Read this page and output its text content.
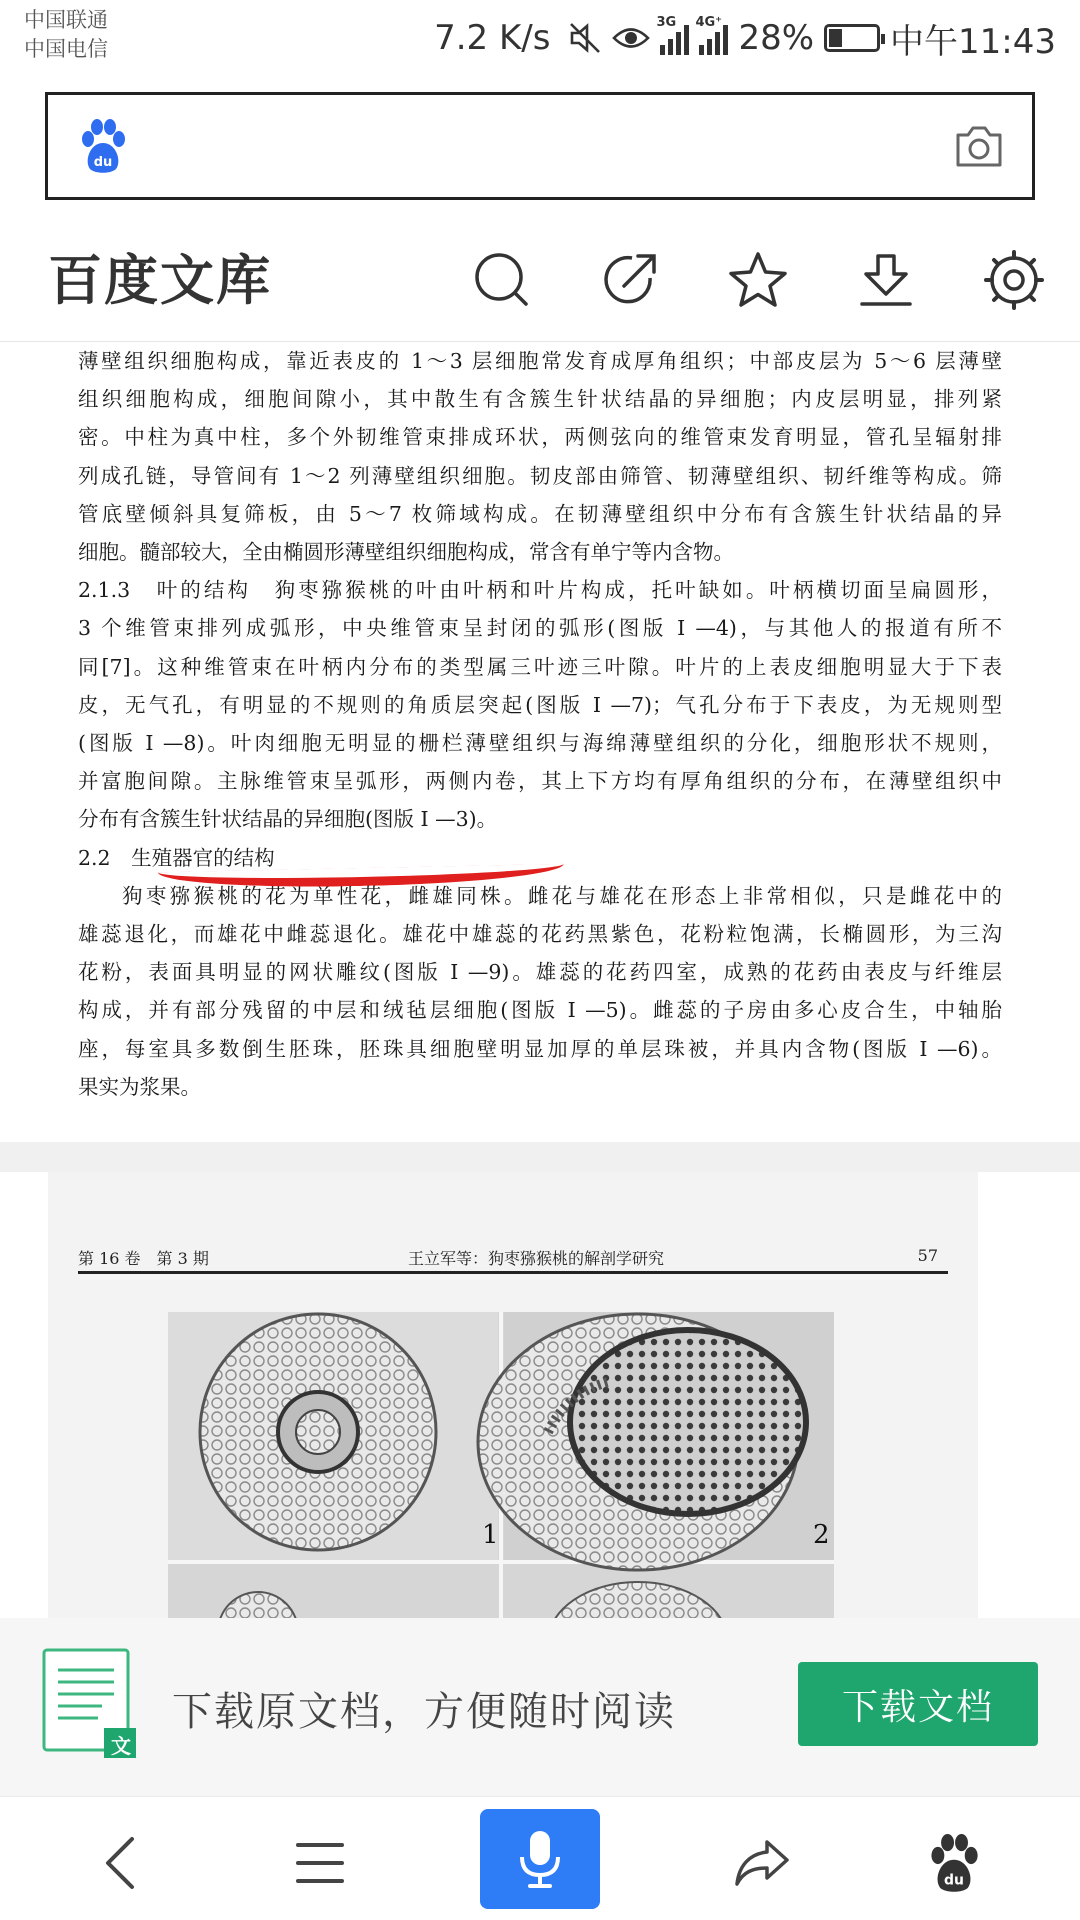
中国联通
中国电信	7.2 K/s	3G 4G⁺ 28% 中午11:43
du
百度文库

薄壁组织细胞构成，靠近表皮的 1～3 层细胞常发育成厚角组织；中部皮层为 5～6 层薄壁

组织细胞构成，细胞间隙小，其中散生有含簇生针状结晶的异细胞；内皮层明显，排列紧

密。中柱为真中柱，多个外韧维管束排成环状，两侧弦向的维管束发育明显，管孔呈辐射排

列成孔链，导管间有 1～2 列薄壁组织细胞。韧皮部由筛管、韧薄壁组织、韧纤维等构成。筛

管底壁倾斜具复筛板，由 5～7 枚筛域构成。在韧薄壁组织中分布有含簇生针状结晶的异

细胞。髓部较大，全由椭圆形薄壁组织细胞构成，常含有单宁等内含物。

2.1.3　叶的结构　狗枣猕猴桃的叶由叶柄和叶片构成，托叶缺如。叶柄横切面呈扁圆形，

3 个维管束排列成弧形，中央维管束呈封闭的弧形(图版 I —4)，与其他人的报道有所不

同[7]。这种维管束在叶柄内分布的类型属三叶迹三叶隙。叶片的上表皮细胞明显大于下表

皮，无气孔，有明显的不规则的角质层突起(图版 I —7)；气孔分布于下表皮，为无规则型

(图版 I —8)。叶肉细胞无明显的栅栏薄壁组织与海绵薄壁组织的分化，细胞形状不规则，

并富胞间隙。主脉维管束呈弧形，两侧内卷，其上下方均有厚角组织的分布，在薄壁组织中

分布有含簇生针状结晶的异细胞(图版 I —3)。

2.2　生殖器官的结构

狗枣猕猴桃的花为单性花，雌雄同株。雌花与雄花在形态上非常相似，只是雌花中的

雄蕊退化，而雄花中雌蕊退化。雄花中雄蕊的花药黑紫色，花粉粒饱满，长椭圆形，为三沟

花粉，表面具明显的网状雕纹(图版 I —9)。雄蕊的花药四室，成熟的花药由表皮与纤维层

构成，并有部分残留的中层和绒毡层细胞(图版 I —5)。雌蕊的子房由多心皮合生，中轴胎

座，每室具多数倒生胚珠，胚珠具细胞壁明显加厚的单层珠被，并具内含物(图版 I —6)。

果实为浆果。

第 16 卷　第 3 期	王立军等：狗枣猕猴桃的解剖学研究	57
1	2
文
下载原文档，方便随时阅读	下载文档
du
